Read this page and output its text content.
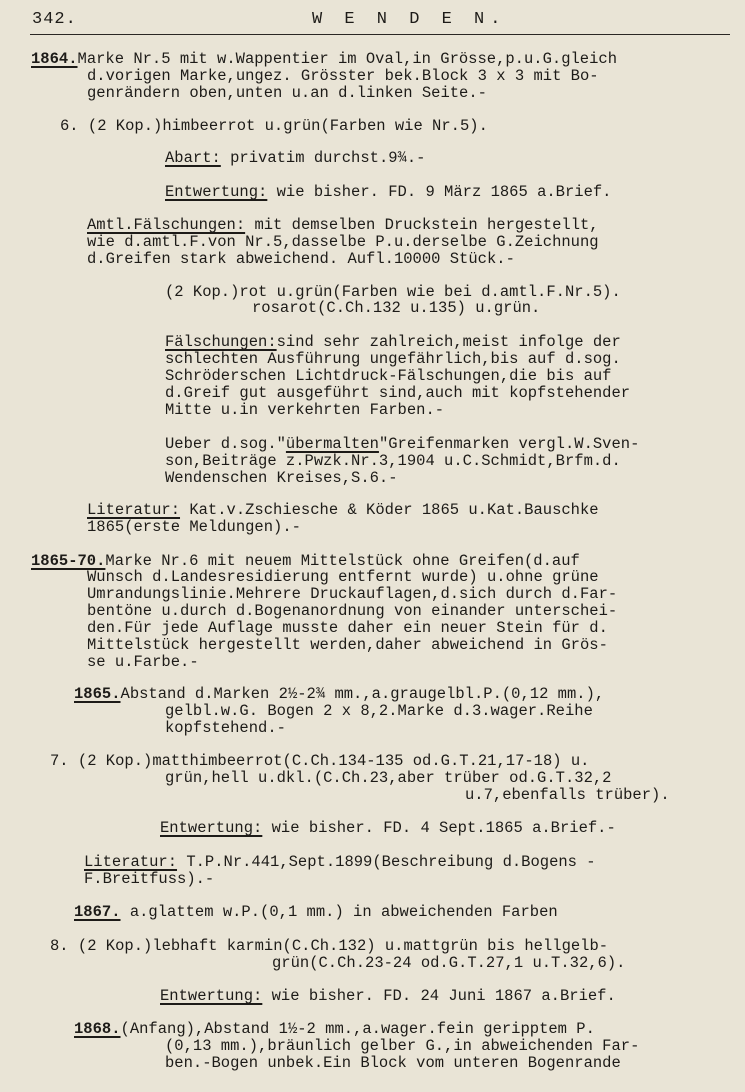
342.	W E N D E N.
1864.Marke Nr.5 mit w.Wappentier im Oval,in Grösse,p.u.G.gleich
d.vorigen Marke,ungez. Grösster bek.Block 3 x 3 mit Bo-
genrändern oben,unten u.an d.linken Seite.-
6. (2 Kop.)himbeerrot u.grün(Farben wie Nr.5).
Abart: privatim durchst.9¾.-
Entwertung: wie bisher. FD. 9 März 1865 a.Brief.
Amtl.Fälschungen: mit demselben Druckstein hergestellt,
wie d.amtl.F.von Nr.5,dasselbe P.u.derselbe G.Zeichnung
d.Greifen stark abweichend. Aufl.10000 Stück.-
(2 Kop.)rot u.grün(Farben wie bei d.amtl.F.Nr.5).
rosarot(C.Ch.132 u.135) u.grün.
Fälschungen:sind sehr zahlreich,meist infolge der
schlechten Ausführung ungefährlich,bis auf d.sog.
Schröderschen Lichtdruck-Fälschungen,die bis auf
d.Greif gut ausgeführt sind,auch mit kopfstehender
Mitte u.in verkehrten Farben.-
Ueber d.sog."übermalten"Greifenmarken vergl.W.Sven-
son,Beiträge z.Pwzk.Nr.3,1904 u.C.Schmidt,Brfm.d.
Wendenschen Kreises,S.6.-
Literatur: Kat.v.Zschiesche & Köder 1865 u.Kat.Bauschke
1865(erste Meldungen).-
1865-70.Marke Nr.6 mit neuem Mittelstück ohne Greifen(d.auf
Wunsch d.Landesresidierung entfernt wurde) u.ohne grüne
Umrandungslinie.Mehrere Druckauflagen,d.sich durch d.Far-
bentöne u.durch d.Bogenanordnung von einander unterschei-
den.Für jede Auflage musste daher ein neuer Stein für d.
Mittelstück hergestellt werden,daher abweichend in Grös-
se u.Farbe.-
1865.Abstand d.Marken 2½-2¾ mm.,a.graugelbl.P.(0,12 mm.),
gelbl.w.G. Bogen 2 x 8,2.Marke d.3.wager.Reihe
kopfstehend.-
7. (2 Kop.)matthimbeerrot(C.Ch.134-135 od.G.T.21,17-18) u.
grün,hell u.dkl.(C.Ch.23,aber trüber od.G.T.32,2
u.7,ebenfalls trüber).
Entwertung: wie bisher. FD. 4 Sept.1865 a.Brief.-
Literatur: T.P.Nr.441,Sept.1899(Beschreibung d.Bogens -
F.Breitfuss).-
1867. a.glattem w.P.(0,1 mm.) in abweichenden Farben
8. (2 Kop.)lebhaft karmin(C.Ch.132) u.mattgrün bis hellgelb-
grün(C.Ch.23-24 od.G.T.27,1 u.T.32,6).
Entwertung: wie bisher. FD. 24 Juni 1867 a.Brief.
1868.(Anfang),Abstand 1½-2 mm.,a.wager.fein geripptem P.
(0,13 mm.),bräunlich gelber G.,in abweichenden Far-
ben.-Bogen unbek.Ein Block vom unteren Bogenrande
